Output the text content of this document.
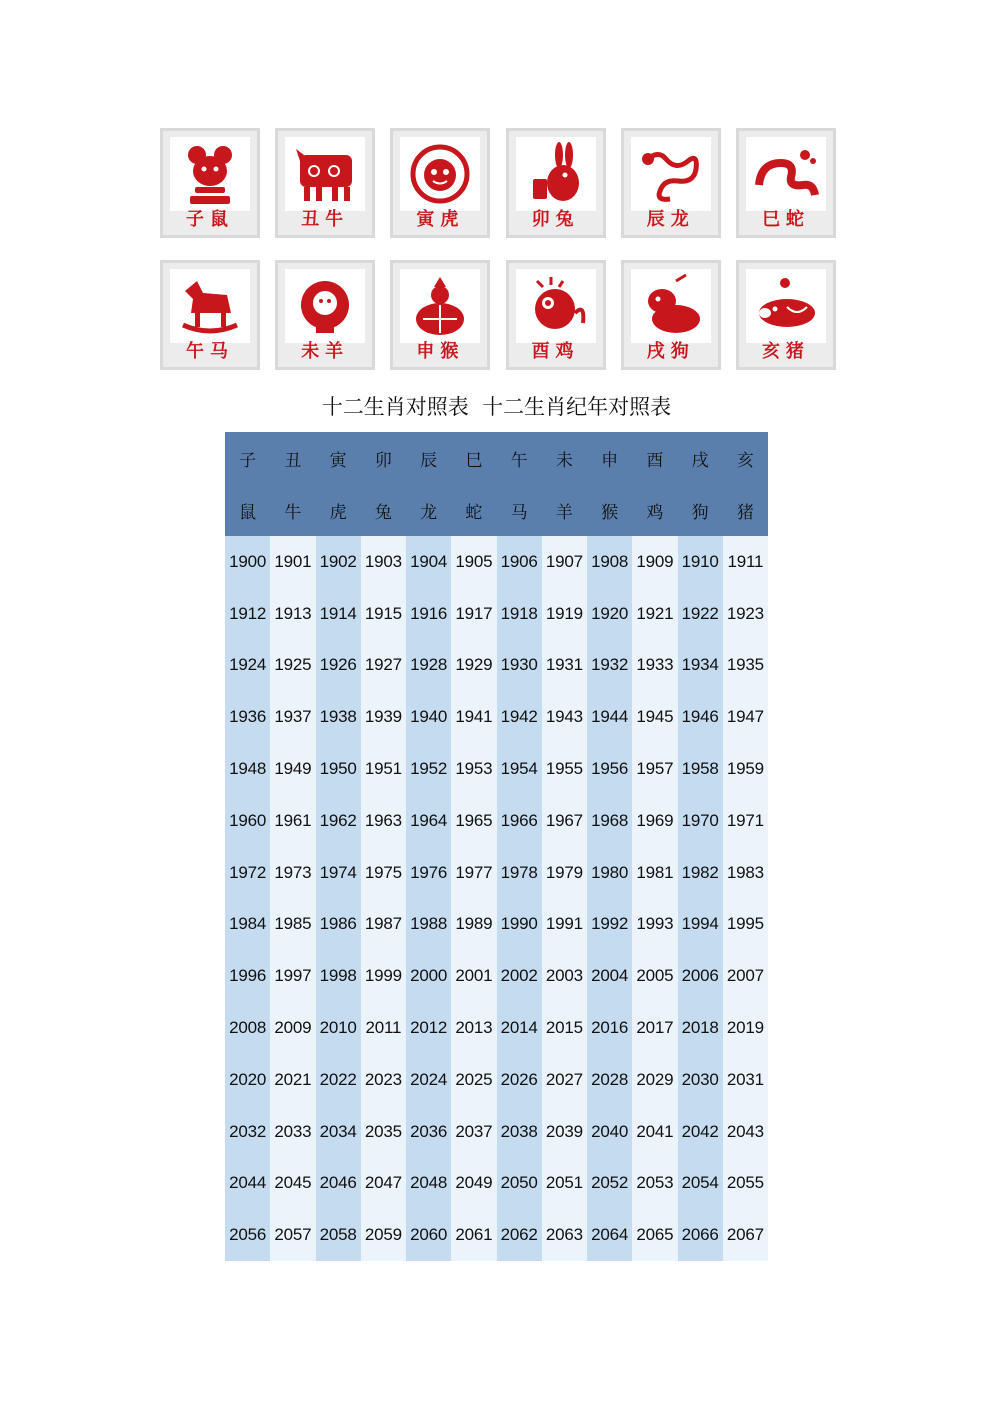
子鼠	丑牛	寅虎	卯兔	辰龙	巳蛇
午马	未羊	申猴	酉鸡	戌狗	亥猪
十二生肖对照表  十二生肖纪年对照表
子	丑	寅	卯	辰	巳	午	未	申	酉	戌	亥
鼠	牛	虎	兔	龙	蛇	马	羊	猴	鸡	狗	猪
1900	1901	1902	1903	1904	1905	1906	1907	1908	1909	1910	1911
1912	1913	1914	1915	1916	1917	1918	1919	1920	1921	1922	1923
1924	1925	1926	1927	1928	1929	1930	1931	1932	1933	1934	1935
1936	1937	1938	1939	1940	1941	1942	1943	1944	1945	1946	1947
1948	1949	1950	1951	1952	1953	1954	1955	1956	1957	1958	1959
1960	1961	1962	1963	1964	1965	1966	1967	1968	1969	1970	1971
1972	1973	1974	1975	1976	1977	1978	1979	1980	1981	1982	1983
1984	1985	1986	1987	1988	1989	1990	1991	1992	1993	1994	1995
1996	1997	1998	1999	2000	2001	2002	2003	2004	2005	2006	2007
2008	2009	2010	2011	2012	2013	2014	2015	2016	2017	2018	2019
2020	2021	2022	2023	2024	2025	2026	2027	2028	2029	2030	2031
2032	2033	2034	2035	2036	2037	2038	2039	2040	2041	2042	2043
2044	2045	2046	2047	2048	2049	2050	2051	2052	2053	2054	2055
2056	2057	2058	2059	2060	2061	2062	2063	2064	2065	2066	2067
